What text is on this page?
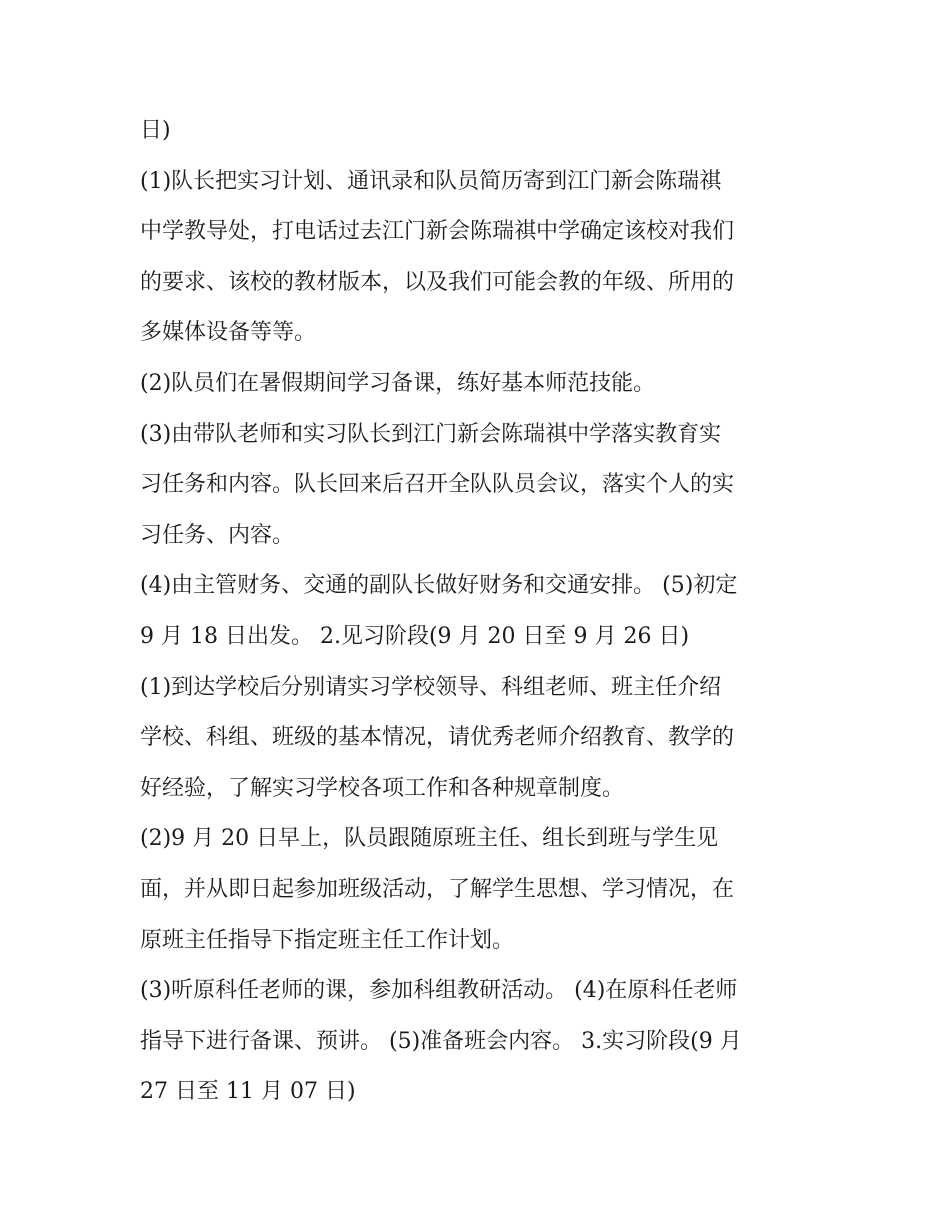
日)
(1)队长把实习计划、通讯录和队员简历寄到江门新会陈瑞祺
中学教导处，打电话过去江门新会陈瑞祺中学确定该校对我们
的要求、该校的教材版本，以及我们可能会教的年级、所用的
多媒体设备等等。
(2)队员们在暑假期间学习备课，练好基本师范技能。
(3)由带队老师和实习队长到江门新会陈瑞祺中学落实教育实
习任务和内容。队长回来后召开全队队员会议，落实个人的实
习任务、内容。
(4)由主管财务、交通的副队长做好财务和交通安排。 (5)初定
9 月 18 日出发。 2.见习阶段(9 月 20 日至 9 月 26 日)
(1)到达学校后分别请实习学校领导、科组老师、班主任介绍
学校、科组、班级的基本情况，请优秀老师介绍教育、教学的
好经验，了解实习学校各项工作和各种规章制度。
(2)9 月 20 日早上，队员跟随原班主任、组长到班与学生见
面，并从即日起参加班级活动，了解学生思想、学习情况，在
原班主任指导下指定班主任工作计划。
(3)听原科任老师的课，参加科组教研活动。 (4)在原科任老师
指导下进行备课、预讲。 (5)准备班会内容。 3.实习阶段(9 月
27 日至 11 月 07 日)
